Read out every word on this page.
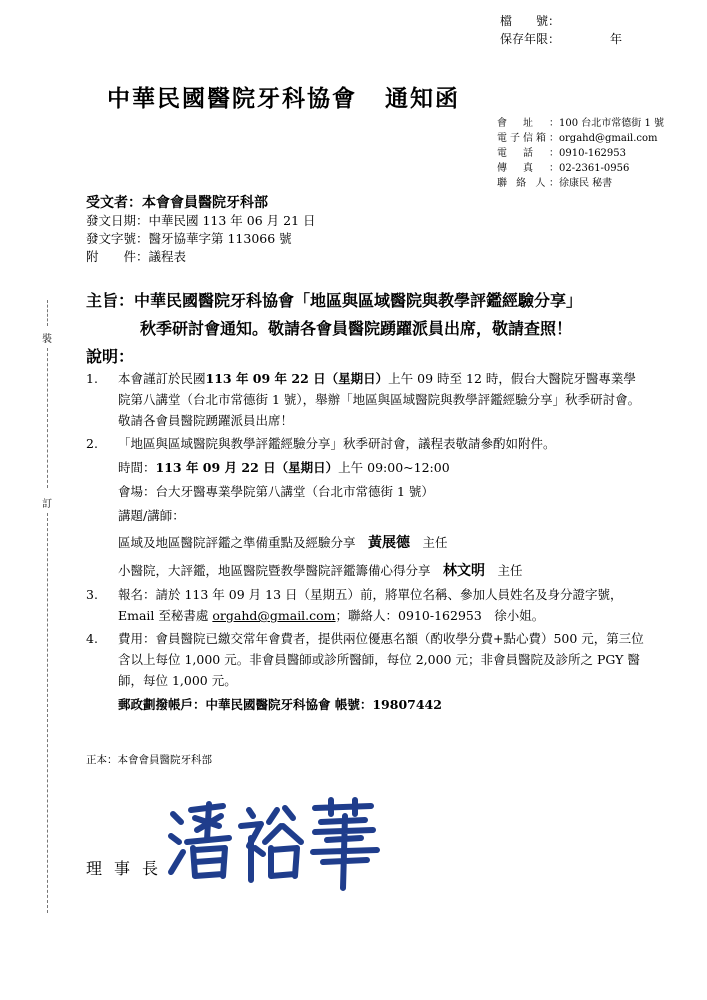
檔　　號：
保存年限：	年
中華民國醫院牙科協會 通知函
會　址 ：100 台北市常德街 1 號
電子信箱：orgahd@gmail.com
電　話 ：0910-162953
傳　真 ：02-2361-0956
聯 絡 人：徐康民 秘書
受文者：本會會員醫院牙科部
發文日期：中華民國 113 年 06 月 21 日
發文字號：醫牙協華字第 113066 號
附　　件：議程表
主旨：中華民國醫院牙科協會「地區與區域醫院與教學評鑑經驗分享」
秋季研討會通知。敬請各會員醫院踴躍派員出席，敬請查照！
說明：
1. 本會謹訂於民國113 年 09 年 22 日（星期日）上午 09 時至 12 時，假台大醫院牙醫專業學院第八講堂（台北市常德街 1 號），舉辦「地區與區域醫院與教學評鑑經驗分享」秋季研討會。敬請各會員醫院踴躍派員出席！
2. 「地區與區域醫院與教學評鑑經驗分享」秋季研討會，議程表敬請參酌如附件。
時間：113 年 09 月 22 日（星期日）上午 09:00~12:00
會場：台大牙醫專業學院第八講堂（台北市常德街 1 號）
講題/講師：
區域及地區醫院評鑑之準備重點及經驗分享　 黃展德　 主任
小醫院，大評鑑，地區醫院暨教學醫院評鑑籌備心得分享　 林文明　 主任
3. 報名：請於 113 年 09 月 13 日（星期五）前，將單位名稱、參加人員姓名及身分證字號，Email 至秘書處 orgahd@gmail.com；聯絡人：0910-162953　徐小姐。
4. 費用：會員醫院已繳交常年會費者，提供兩位優惠名額（酌收學分費+點心費）500 元，第三位含以上每位 1,000 元。非會員醫師或診所醫師，每位 2,000 元；非會員醫院及診所之 PGY 醫師，每位 1,000 元。
郵政劃撥帳戶：中華民國醫院牙科協會 帳號：19807442
正本：本會會員醫院牙科部
裝
訂
理事長
